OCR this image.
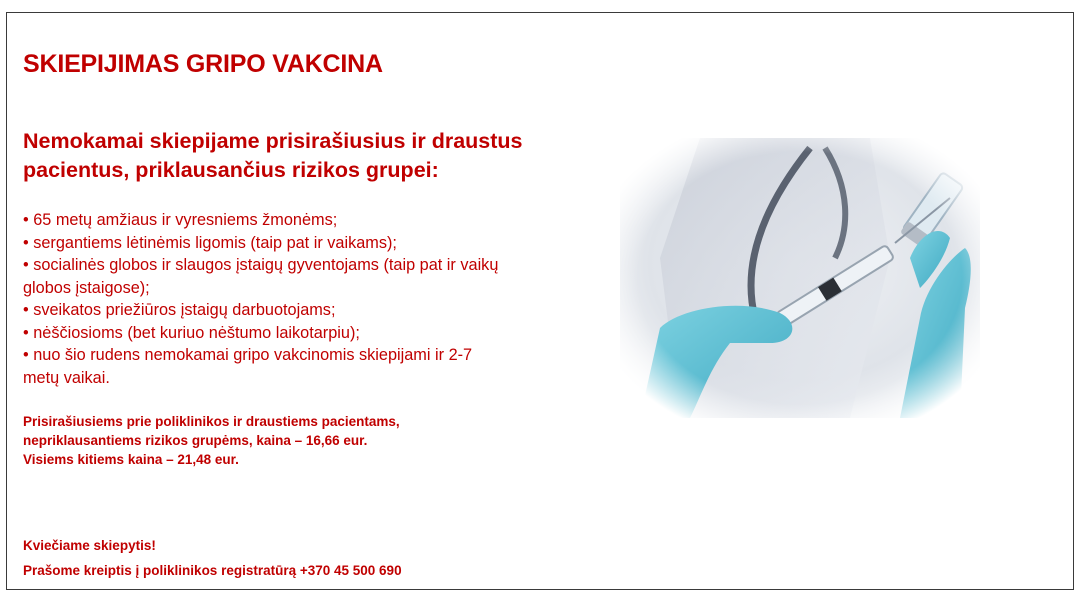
SKIEPIJIMAS GRIPO VAKCINA
Nemokamai skiepijame prisirašiusius ir draustus
pacientus, priklausančius rizikos grupei:
• 65 metų amžiaus ir vyresniems žmonėms;
• sergantiems lėtinėmis ligomis (taip pat ir vaikams);
• socialinės globos ir slaugos įstaigų gyventojams (taip pat ir vaikų
globos įstaigose);
• sveikatos priežiūros įstaigų darbuotojams;
• nėščiosioms (bet kuriuo nėštumo laikotarpiu);
• nuo šio rudens nemokamai gripo vakcinomis skiepijami ir 2-7
metų vaikai.
Prisirašiusiems prie poliklinikos ir draustiems pacientams,
nepriklausantiems rizikos grupėms, kaina – 16,66 eur.
Visiems kitiems kaina – 21,48 eur.
Kviečiame skiepytis!
Prašome kreiptis į poliklinikos registratūrą +370 45 500 690
